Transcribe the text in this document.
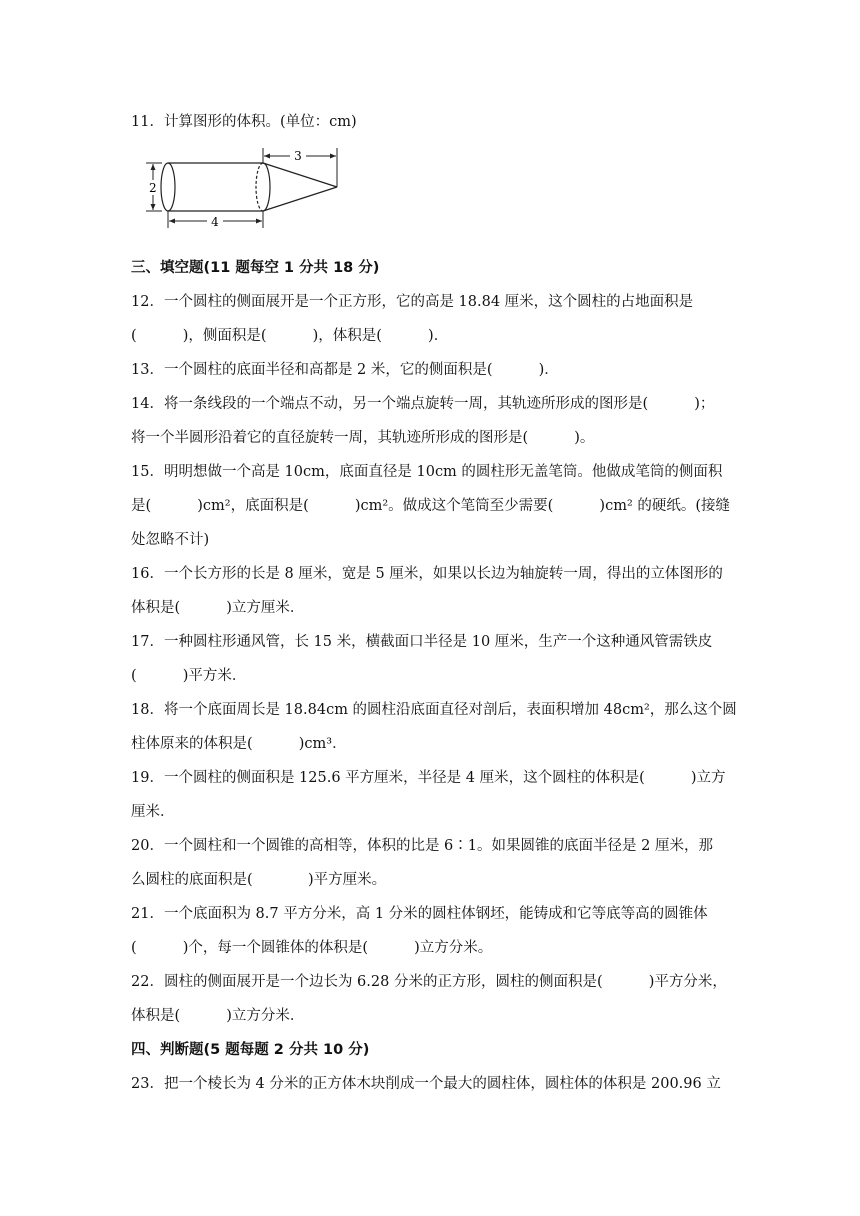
11．计算图形的体积。(单位：cm)
3
2
4
三、填空题(11 题每空 1 分共 18 分)
12．一个圆柱的侧面展开是一个正方形，它的高是 18.84 厘米，这个圆柱的占地面积是
(          )，侧面积是(          )，体积是(          )．
13．一个圆柱的底面半径和高都是 2 米，它的侧面积是(          )．
14．将一条线段的一个端点不动，另一个端点旋转一周，其轨迹所形成的图形是(          )；
将一个半圆形沿着它的直径旋转一周，其轨迹所形成的图形是(          )。
15．明明想做一个高是 10cm，底面直径是 10cm 的圆柱形无盖笔筒。他做成笔筒的侧面积
是(          )cm²，底面积是(          )cm²。做成这个笔筒至少需要(          )cm² 的硬纸。(接缝
处忽略不计)
16．一个长方形的长是 8 厘米，宽是 5 厘米，如果以长边为轴旋转一周，得出的立体图形的
体积是(          )立方厘米．
17．一种圆柱形通风管，长 15 米，横截面口半径是 10 厘米，生产一个这种通风管需铁皮
(          )平方米．
18．将一个底面周长是 18.84cm 的圆柱沿底面直径对剖后，表面积增加 48cm²，那么这个圆
柱体原来的体积是(          )cm³．
19．一个圆柱的侧面积是 125.6 平方厘米，半径是 4 厘米，这个圆柱的体积是(          )立方
厘米．
20．一个圆柱和一个圆锥的高相等，体积的比是 6∶1。如果圆锥的底面半径是 2 厘米，那
么圆柱的底面积是(            )平方厘米。
21．一个底面积为 8.7 平方分米，高 1 分米的圆柱体钢坯，能铸成和它等底等高的圆锥体
(          )个，每一个圆锥体的体积是(          )立方分米。
22．圆柱的侧面展开是一个边长为 6.28 分米的正方形，圆柱的侧面积是(          )平方分米，
体积是(          )立方分米．
四、判断题(5 题每题 2 分共 10 分)
23．把一个棱长为 4 分米的正方体木块削成一个最大的圆柱体，圆柱体的体积是 200.96 立
